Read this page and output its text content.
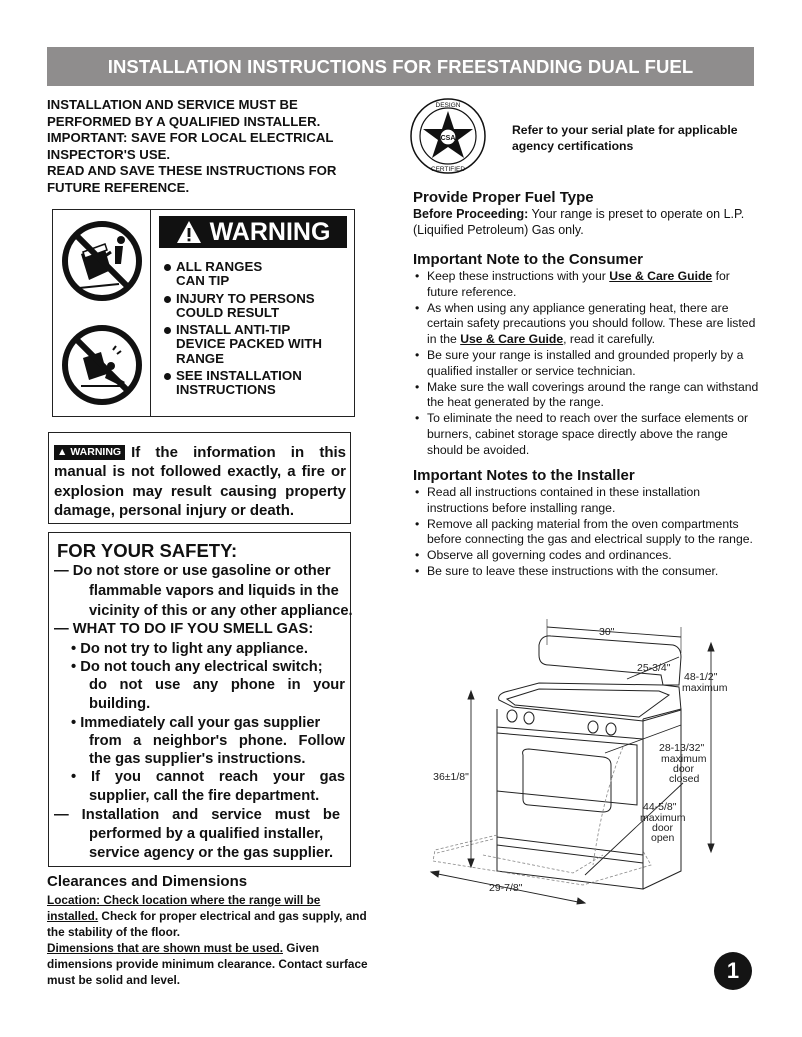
INSTALLATION INSTRUCTIONS FOR FREESTANDING DUAL FUEL
INSTALLATION AND SERVICE MUST BE
PERFORMED BY A QUALIFIED INSTALLER.
IMPORTANT: SAVE FOR LOCAL ELECTRICAL
INSPECTOR'S USE.
READ AND SAVE THESE INSTRUCTIONS FOR
FUTURE REFERENCE.
WARNING
ALL RANGES
CAN TIP
INJURY TO PERSONS
COULD RESULT
INSTALL ANTI-TIP
DEVICE PACKED WITH
RANGE
SEE INSTALLATION
INSTRUCTIONS
▲ WARNING If the information in this manual is not followed exactly, a fire or explosion may result causing property damage, personal injury or death.
FOR YOUR SAFETY:
— Do not store or use gasoline or other
flammable vapors and liquids in the
vicinity of this or any other appliance.
— WHAT TO DO IF YOU SMELL GAS:
• Do not try to light any appliance.
• Do not touch any electrical switch;
do not use any phone in your
building.
• Immediately call your gas supplier
from a neighbor's phone. Follow
the gas supplier's instructions.
• If you cannot reach your gas
supplier, call the fire department.
— Installation and service must be
performed by a qualified installer,
service agency or the gas supplier.
Clearances and Dimensions
Location: Check location where the range will be
installed. Check for proper electrical and gas supply, and the stability of the floor.
Dimensions that are shown must be used. Given dimensions provide minimum clearance. Contact surface must be solid and level.
CSA
DESIGN
CERTIFIED
Refer to your serial plate for applicable
agency certifications
Provide Proper Fuel Type
Before Proceeding: Your range is preset to operate on L.P. (Liquified Petroleum) Gas only.
Important Note to the Consumer
• Keep these instructions with your Use & Care Guide for future reference.
• As when using any appliance generating heat, there are certain safety precautions you should follow. These are listed in the Use & Care Guide, read it carefully.
• Be sure your range is installed and grounded properly by a qualified installer or service technician.
• Make sure the wall coverings around the range can withstand the heat generated by the range.
• To eliminate the need to reach over the surface elements or burners, cabinet storage space directly above the range should be avoided.
Important Notes to the Installer
• Read all instructions contained in these installation instructions before installing range.
• Remove all packing material from the oven compartments before connecting the gas and electrical supply to the range.
• Observe all governing codes and ordinances.
• Be sure to leave these instructions with the consumer.
30"
25-3/4"
48-1/2"
maximum
28-13/32"
maximum
door
closed
36±1/8"
44-5/8"
maximum
door
open
29-7/8"
1
